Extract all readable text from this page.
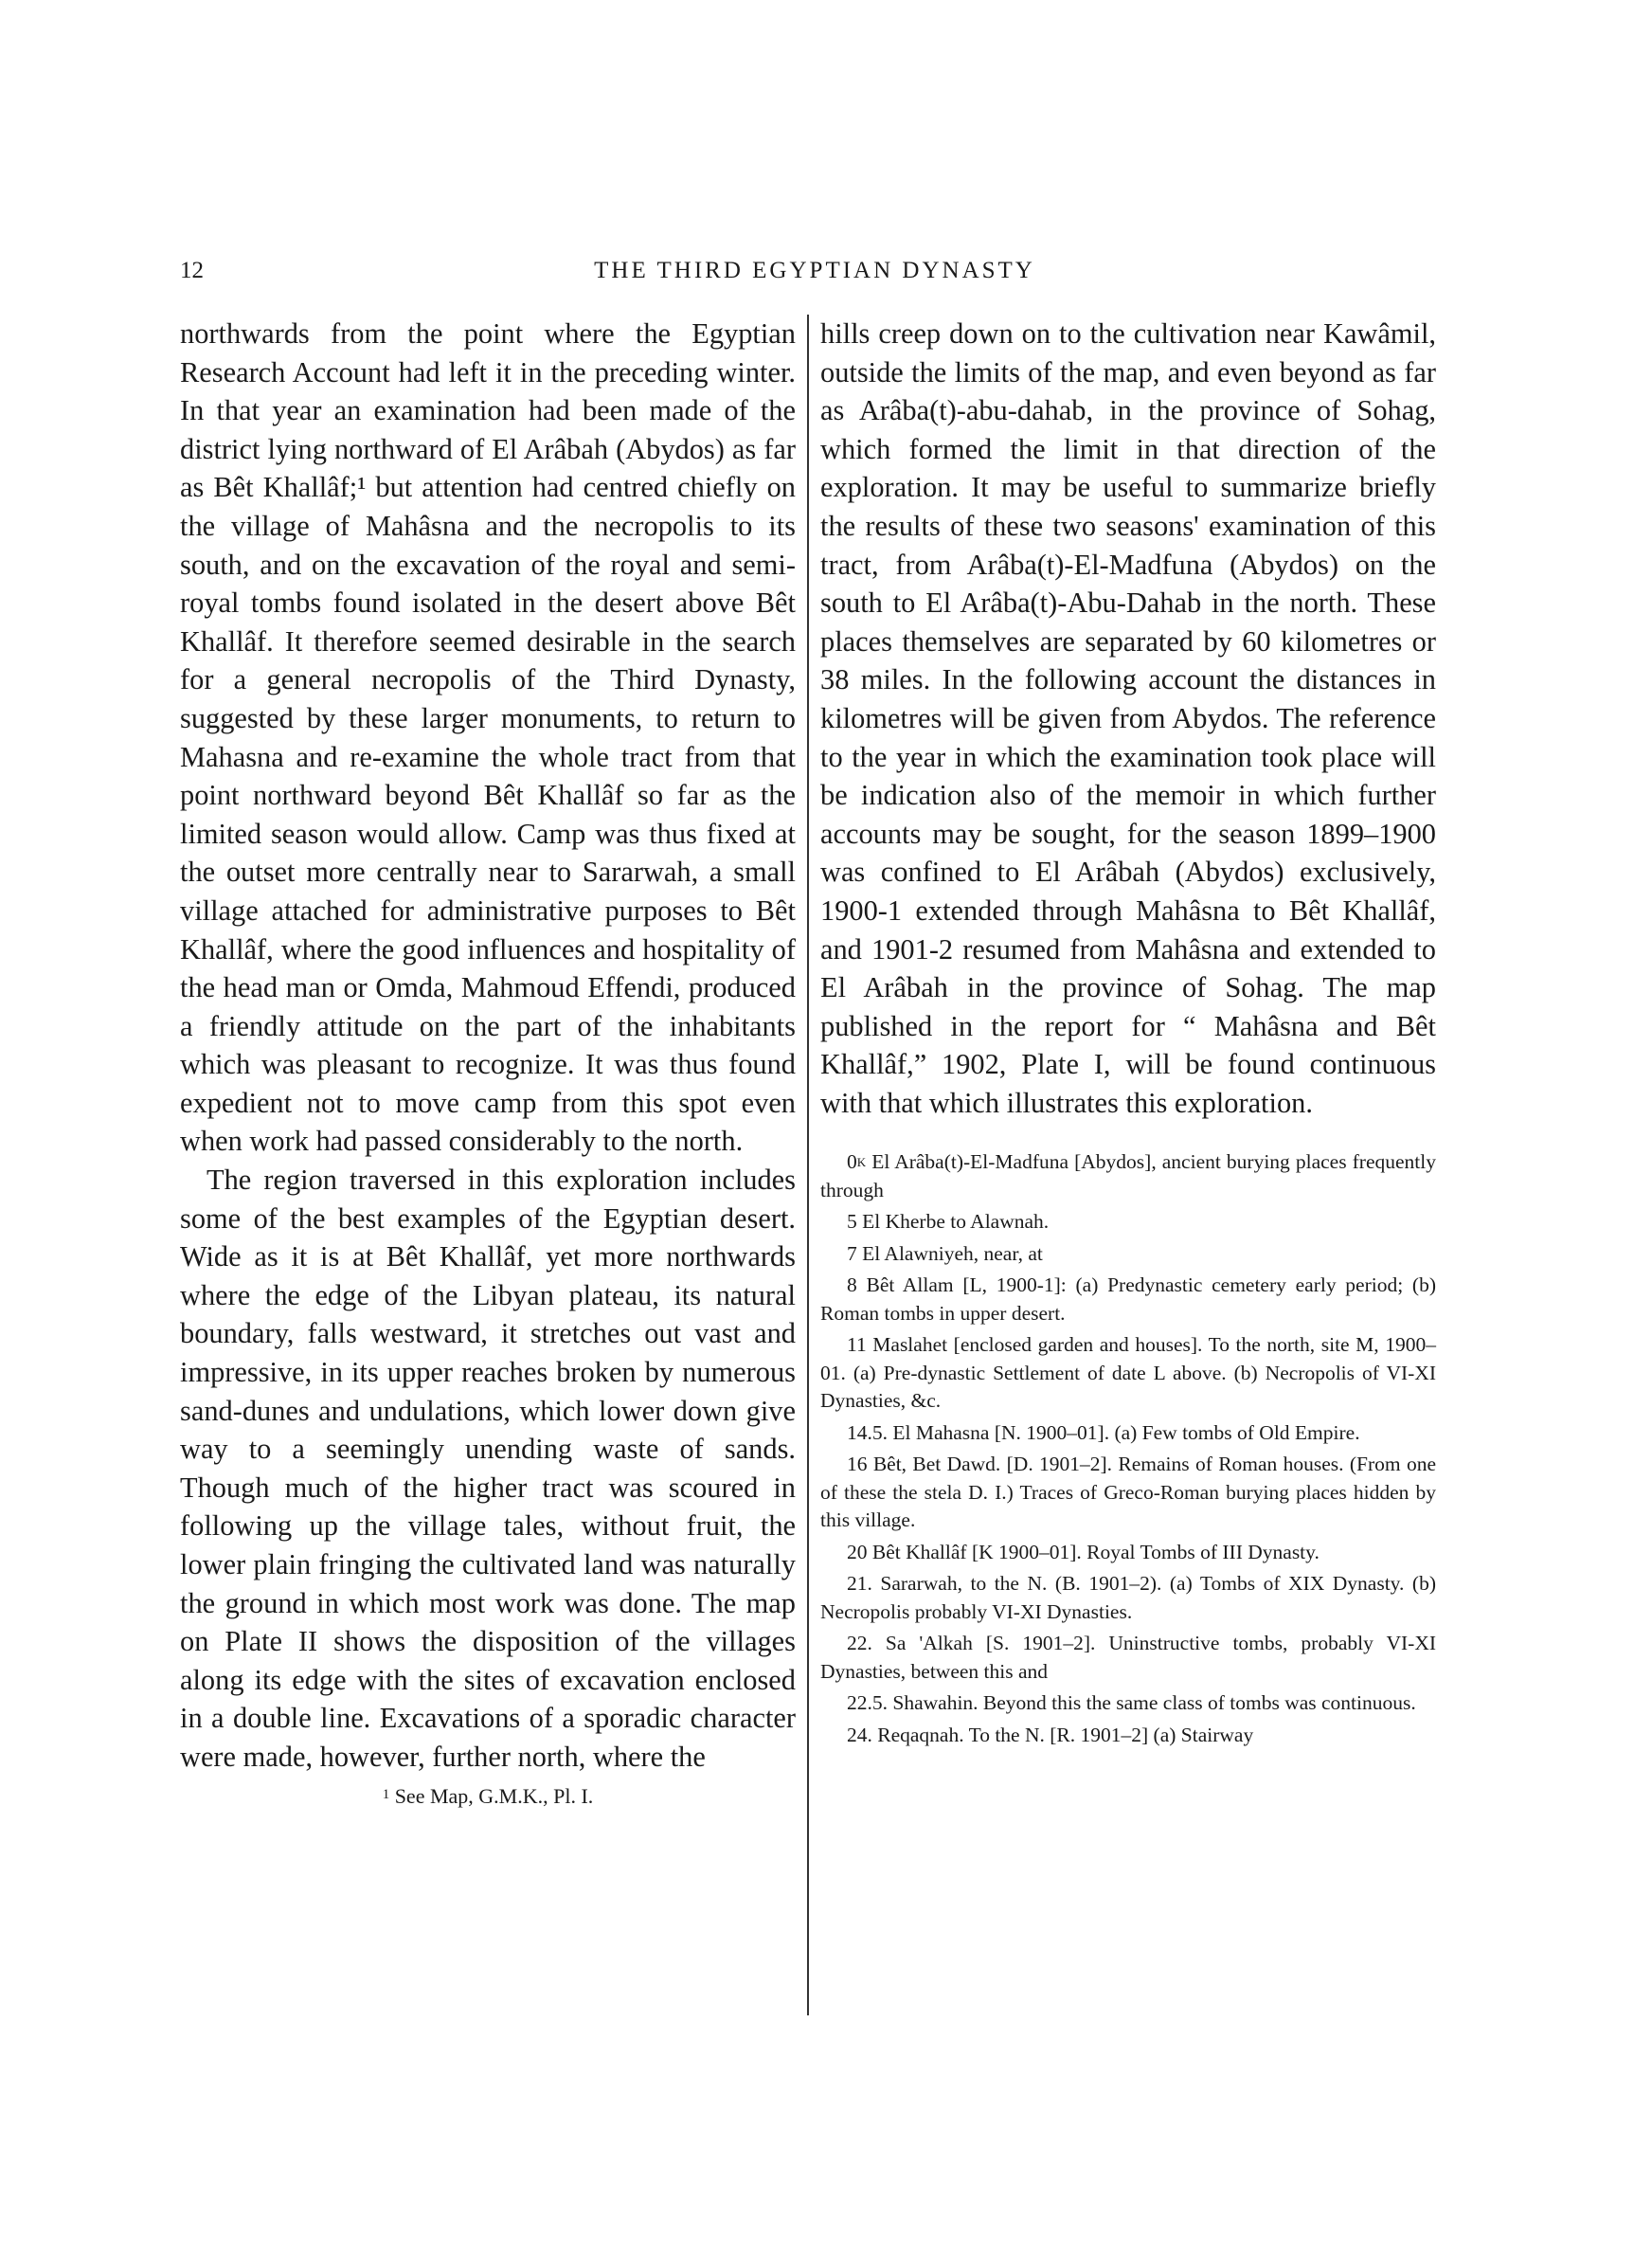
12	THE THIRD EGYPTIAN DYNASTY

northwards from the point where the Egyptian Research Account had left it in the preceding winter. In that year an examination had been made of the district lying northward of El Arâbah (Abydos) as far as Bêt Khallâf;¹ but attention had centred chiefly on the village of Mahâsna and the necropolis to its south, and on the excavation of the royal and semi-royal tombs found isolated in the desert above Bêt Khallâf. It therefore seemed desirable in the search for a general necropolis of the Third Dynasty, suggested by these larger monuments, to return to Mahasna and re-examine the whole tract from that point northward beyond Bêt Khallâf so far as the limited season would allow. Camp was thus fixed at the outset more centrally near to Sararwah, a small village attached for administrative purposes to Bêt Khallâf, where the good influences and hospitality of the head man or Omda, Mahmoud Effendi, produced a friendly attitude on the part of the inhabitants which was pleasant to recognize. It was thus found expedient not to move camp from this spot even when work had passed considerably to the north.

The region traversed in this exploration includes some of the best examples of the Egyptian desert. Wide as it is at Bêt Khallâf, yet more northwards where the edge of the Libyan plateau, its natural boundary, falls westward, it stretches out vast and impressive, in its upper reaches broken by numerous sand-dunes and undulations, which lower down give way to a seemingly unending waste of sands. Though much of the higher tract was scoured in following up the village tales, without fruit, the lower plain fringing the cultivated land was naturally the ground in which most work was done. The map on Plate II shows the disposition of the villages along its edge with the sites of excavation enclosed in a double line. Excavations of a sporadic character were made, however, further north, where the

$^1$ See Map, G.M.K., Pl. I.

hills creep down on to the cultivation near Kawâmil, outside the limits of the map, and even beyond as far as Arâba(t)-abu-dahab, in the province of Sohag, which formed the limit in that direction of the exploration. It may be useful to summarize briefly the results of these two seasons' examination of this tract, from Arâba(t)-El-Madfuna (Abydos) on the south to El Arâba(t)-Abu-Dahab in the north. These places themselves are separated by 60 kilometres or 38 miles. In the following account the distances in kilometres will be given from Abydos. The reference to the year in which the examination took place will be indication also of the memoir in which further accounts may be sought, for the season 1899–1900 was confined to El Arâbah (Abydos) exclusively, 1900-1 extended through Mahâsna to Bêt Khallâf, and 1901-2 resumed from Mahâsna and extended to El Arâbah in the province of Sohag. The map published in the report for “ Mahâsna and Bêt Khallâf,” 1902, Plate I, will be found continuous with that which illustrates this exploration.

$0^K$ El Arâba(t)-El-Madfuna [Abydos], ancient burying places frequently through

5 El Kherbe to Alawnah.

7 El Alawniyeh, near, at

8 Bêt Allam [L, 1900-1]: (a) Predynastic cemetery early period; (b) Roman tombs in upper desert.

11 Maslahet [enclosed garden and houses]. To the north, site M, 1900–01. (a) Pre-dynastic Settlement of date L above. (b) Necropolis of VI-XI Dynasties, &c.

14.5. El Mahasna [N. 1900–01]. (a) Few tombs of Old Empire.

16 Bêt, Bet Dawd. [D. 1901–2]. Remains of Roman houses. (From one of these the stela D. I.) Traces of Greco-Roman burying places hidden by this village.

20 Bêt Khallâf [K 1900–01]. Royal Tombs of III Dynasty.

21. Sararwah, to the N. (B. 1901–2). (a) Tombs of XIX Dynasty. (b) Necropolis probably VI-XI Dynasties.

22. Sa 'Alkah [S. 1901–2]. Uninstructive tombs, probably VI-XI Dynasties, between this and

22.5. Shawahin. Beyond this the same class of tombs was continuous.

24. Reqaqnah. To the N. [R. 1901–2] (a) Stairway
